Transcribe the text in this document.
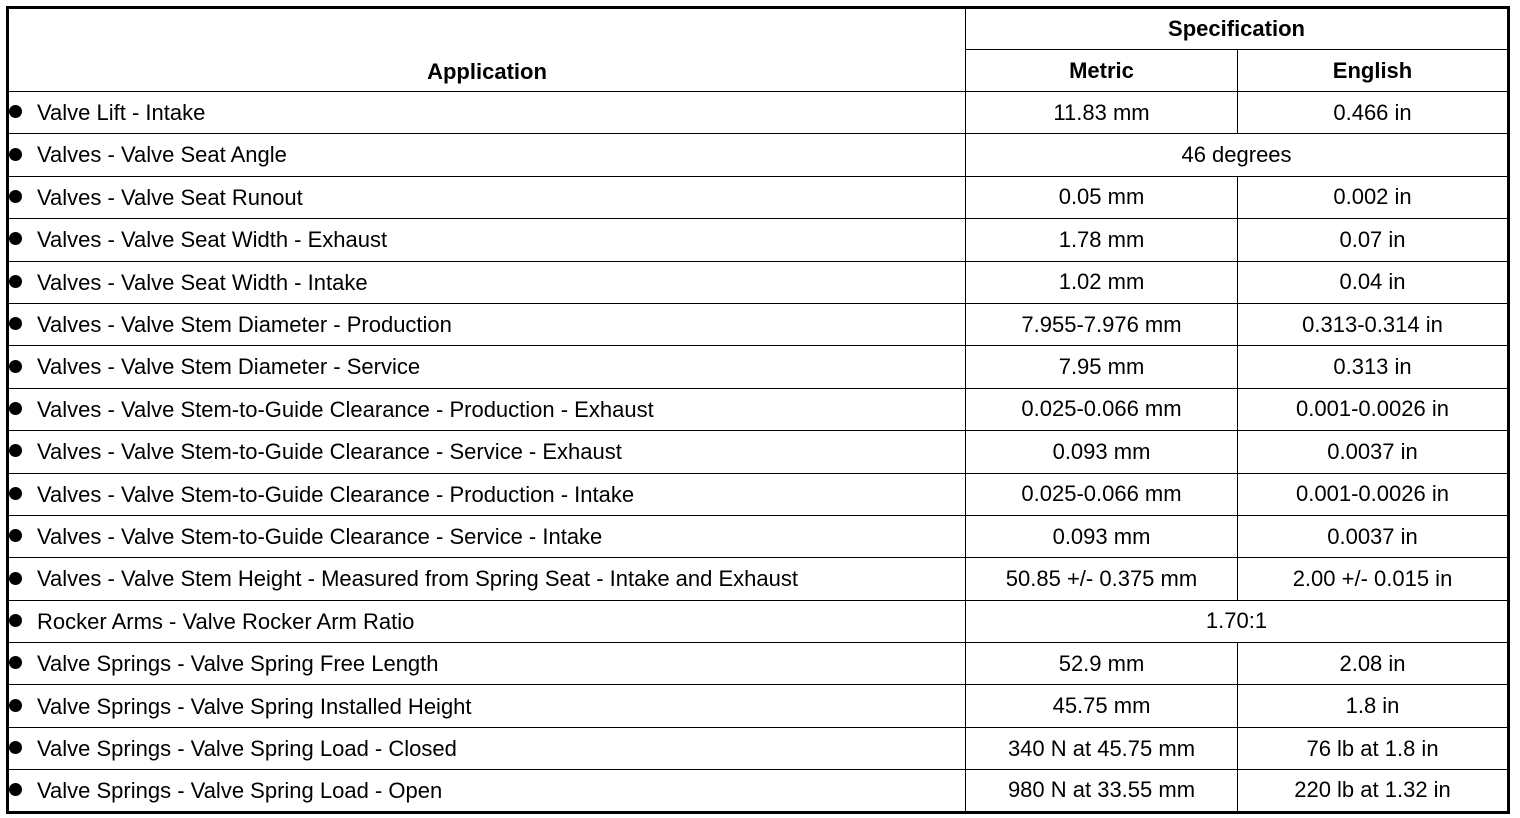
Application	Specification	
	Metric	English
Valve Lift - Intake	11.83 mm	0.466 in
Valves - Valve Seat Angle	46 degrees	
Valves - Valve Seat Runout	0.05 mm	0.002 in
Valves - Valve Seat Width - Exhaust	1.78 mm	0.07 in
Valves - Valve Seat Width - Intake	1.02 mm	0.04 in
Valves - Valve Stem Diameter - Production	7.955-7.976 mm	0.313-0.314 in
Valves - Valve Stem Diameter - Service	7.95 mm	0.313 in
Valves - Valve Stem-to-Guide Clearance - Production - Exhaust	0.025-0.066 mm	0.001-0.0026 in
Valves - Valve Stem-to-Guide Clearance - Service - Exhaust	0.093 mm	0.0037 in
Valves - Valve Stem-to-Guide Clearance - Production - Intake	0.025-0.066 mm	0.001-0.0026 in
Valves - Valve Stem-to-Guide Clearance - Service - Intake	0.093 mm	0.0037 in
Valves - Valve Stem Height - Measured from Spring Seat - Intake and Exhaust	50.85 +/- 0.375 mm	2.00 +/- 0.015 in
Rocker Arms - Valve Rocker Arm Ratio	1.70:1	
Valve Springs - Valve Spring Free Length	52.9 mm	2.08 in
Valve Springs - Valve Spring Installed Height	45.75 mm	1.8 in
Valve Springs - Valve Spring Load - Closed	340 N at 45.75 mm	76 lb at 1.8 in
Valve Springs - Valve Spring Load - Open	980 N at 33.55 mm	220 lb at 1.32 in
